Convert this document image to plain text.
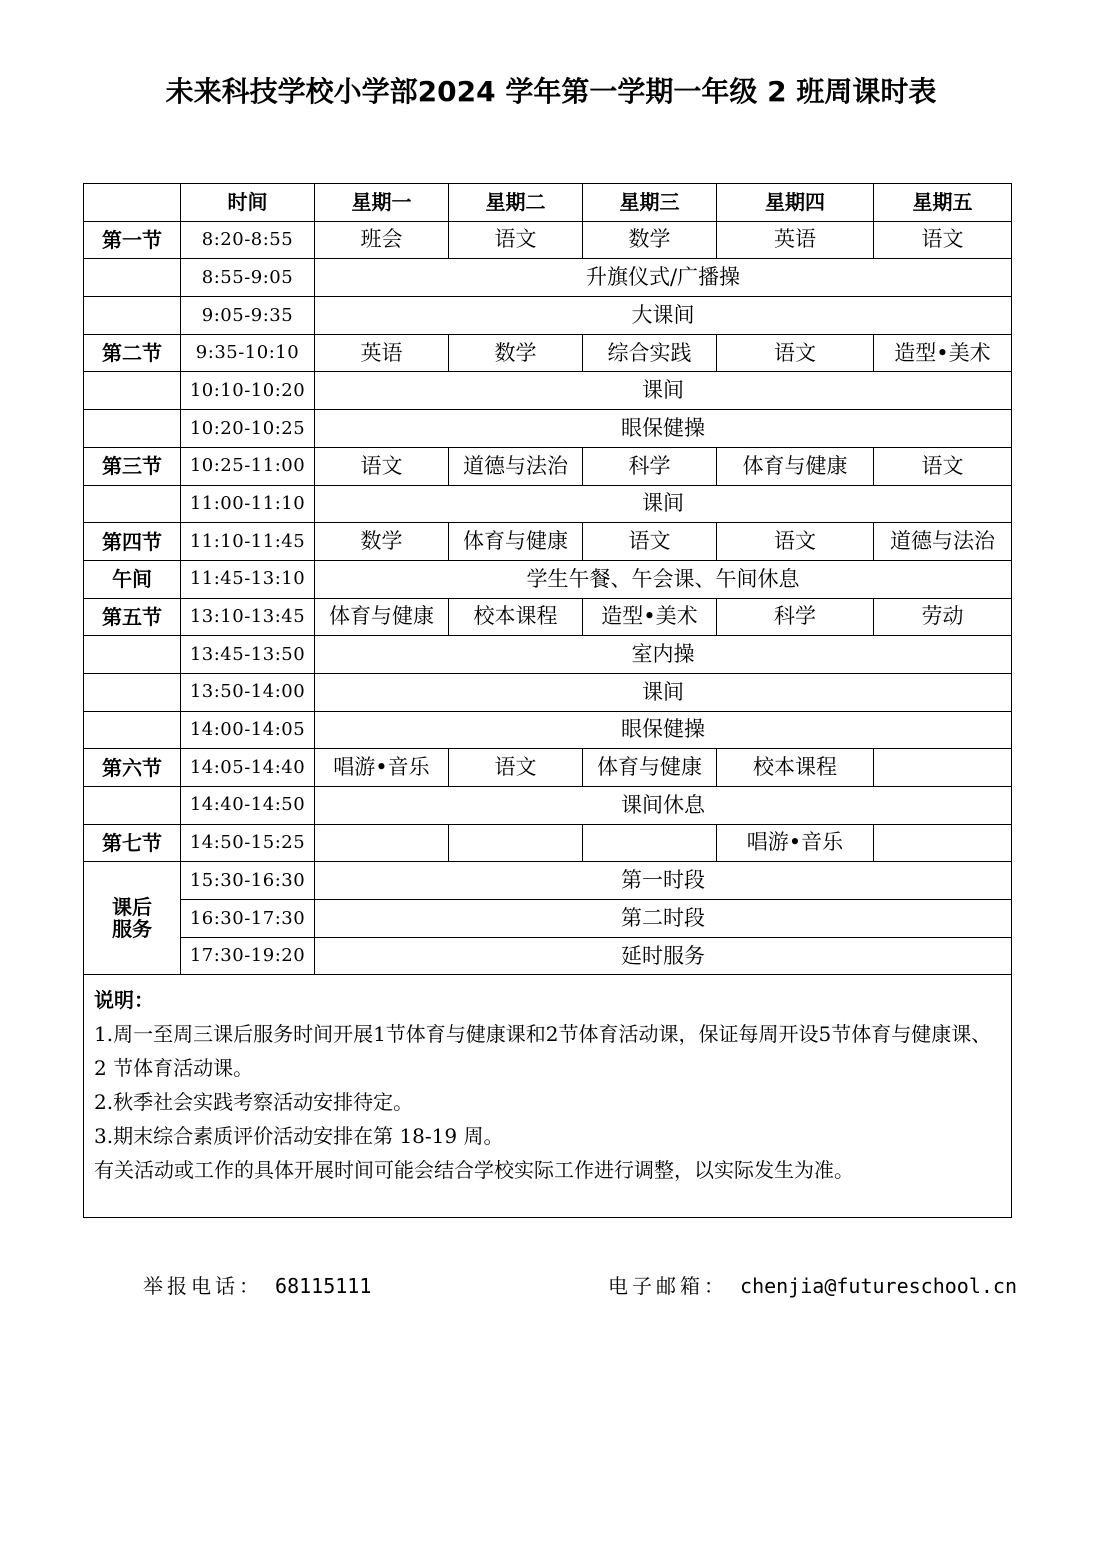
未来科技学校小学部2024 学年第一学期一年级 2 班周课时表
	时间	星期一	星期二	星期三	星期四	星期五
第一节	8:20-8:55	班会	语文	数学	英语	语文
	8:55-9:05	升旗仪式/广播操				
	9:05-9:35	大课间				
第二节	9:35-10:10	英语	数学	综合实践	语文	造型•美术
	10:10-10:20	课间				
	10:20-10:25	眼保健操				
第三节	10:25-11:00	语文	道德与法治	科学	体育与健康	语文
	11:00-11:10	课间				
第四节	11:10-11:45	数学	体育与健康	语文	语文	道德与法治
午间	11:45-13:10	学生午餐、午会课、午间休息				
第五节	13:10-13:45	体育与健康	校本课程	造型•美术	科学	劳动
	13:45-13:50	室内操				
	13:50-14:00	课间				
	14:00-14:05	眼保健操				
第六节	14:05-14:40	唱游•音乐	语文	体育与健康	校本课程	
	14:40-14:50	课间休息				
第七节	14:50-15:25				唱游•音乐	

课后
服务	15:30-16:30	第一时段				
	16:30-17:30	第二时段				
	17:30-19:20	延时服务				

说明：
1.周一至周三课后服务时间开展1节体育与健康课和2节体育活动课，保证每周开设5节体育与健康课、2 节体育活动课。
2.秋季社会实践考察活动安排待定。
3.期末综合素质评价活动安排在第 18-19 周。
有关活动或工作的具体开展时间可能会结合学校实际工作进行调整，以实际发生为准。						
举报电话： 68115111	电子邮箱： chenjia@futureschool.cn
